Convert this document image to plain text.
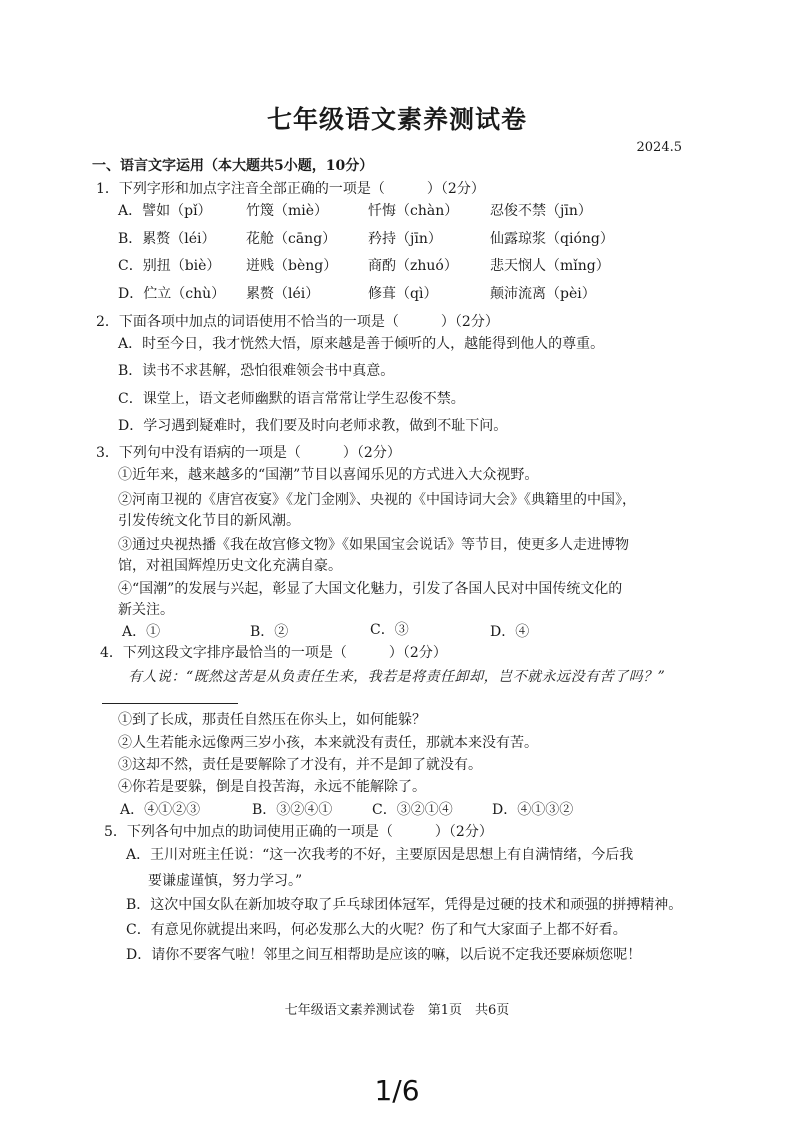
七年级语文素养测试卷
2024.5
一、语言文字运用（本大题共5小题，10分）
1．下列字形和加点字注音全部正确的一项是（　　　）（2分）
A．譬如（pǐ） 竹篾（miè）	忏悔（chàn） 忍俊不禁（jīn）
B．累赘（léi） 花舱（cāng） 矜持（jīn）	仙露琼浆（qióng）
C．别扭（biè） 迸贱（bèng） 商酌（zhuó） 悲天悯人（mǐng）
D．伫立（chù） 累赘（léi）	修葺（qì）	颠沛流离（pèi）
2．下面各项中加点的词语使用不恰当的一项是（　　　）（2分）
A．时至今日，我才恍然大悟，原来越是善于倾听的人，越能得到他人的尊重。
B．读书不求甚解，恐怕很难领会书中真意。
C．课堂上，语文老师幽默的语言常常让学生忍俊不禁。
D．学习遇到疑难时，我们要及时向老师求教，做到不耻下问。
3．下列句中没有语病的一项是（　　　）（2分）
①近年来，越来越多的“国潮”节目以喜闻乐见的方式进入大众视野。
②河南卫视的《唐宫夜宴》《龙门金刚》、央视的《中国诗词大会》《典籍里的中国》，
引发传统文化节目的新风潮。
③通过央视热播《我在故宫修文物》《如果国宝会说话》等节目，使更多人走进博物
馆，对祖国辉煌历史文化充满自豪。
④“国潮”的发展与兴起，彰显了大国文化魅力，引发了各国人民对中国传统文化的
新关注。
A．①	B．②	C．③	D．④
4．下列这段文字排序最恰当的一项是（　　　）（2分）
有人说：“既然这苦是从负责任生来，我若是将责任卸却，岂不就永远没有苦了吗？”
①到了长成，那责任自然压在你头上，如何能躲？
②人生若能永远像两三岁小孩，本来就没有责任，那就本来没有苦。
③这却不然，责任是要解除了才没有，并不是卸了就没有。
④你若是要躲，倒是自投苦海，永远不能解除了。
A．④①②③	B．③②④①	C．③②①④	D．④①③②
5．下列各句中加点的助词使用正确的一项是（　　　）（2分）
A．王川对班主任说：“这一次我考的不好，主要原因是思想上有自满情绪，今后我
要谦虚谨慎，努力学习。”
B．这次中国女队在新加坡夺取了乒乓球团体冠军，凭得是过硬的技术和顽强的拼搏精神。
C．有意见你就提出来吗，何必发那么大的火呢？伤了和气大家面子上都不好看。
D．请你不要客气啦！邻里之间互相帮助是应该的嘛，以后说不定我还要麻烦您呢！
七年级语文素养测试卷　第1页　共6页
1/6
